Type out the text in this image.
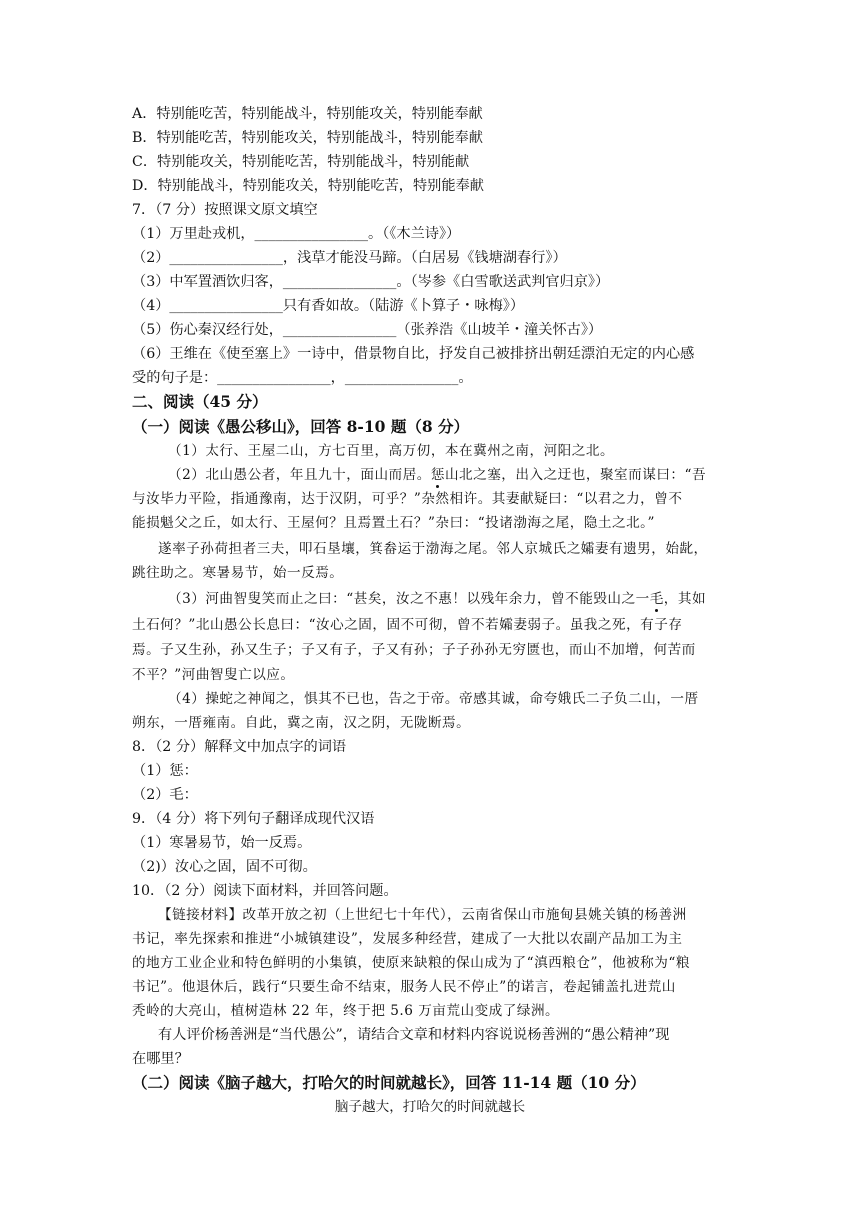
A．特别能吃苦，特别能战斗，特别能攻关，特别能奉献
B．特别能吃苦，特别能攻关，特别能战斗，特别能奉献
C．特别能攻关，特别能吃苦，特别能战斗，特别能献
D．特别能战斗，特别能攻关，特别能吃苦，特别能奉献
7．（7 分）按照课文原文填空
（1）万里赴戎机，________________。（《木兰诗》）
（2）________________，浅草才能没马蹄。（白居易《钱塘湖春行》）
（3）中军置酒饮归客，________________。（岑参《白雪歌送武判官归京》）
（4）________________只有香如故。（陆游《卜算子・咏梅》）
（5）伤心秦汉经行处，________________（张养浩《山坡羊・潼关怀古》）
（6）王维在《使至塞上》一诗中，借景物自比，抒发自己被排挤出朝廷漂泊无定的内心感
受的句子是：________________，________________。
二、阅读（45 分）
（一）阅读《愚公移山》，回答 8-10 题（8 分）
（1）太行、王屋二山，方七百里，高万仞，本在冀州之南，河阳之北。
（2）北山愚公者，年且九十，面山而居。惩山北之塞，出入之迂也，聚室而谋曰：“吾
与汝毕力平险，指通豫南，达于汉阴，可乎？”杂然相许。其妻献疑曰：“以君之力，曾不
能损魁父之丘，如太行、王屋何？且焉置土石？”杂曰：“投诸渤海之尾，隐土之北。”
遂率子孙荷担者三夫，叩石垦壤，箕畚运于渤海之尾。邻人京城氏之孀妻有遗男，始龀，
跳往助之。寒暑易节，始一反焉。
（3）河曲智叟笑而止之曰：“甚矣，汝之不惠！以残年余力，曾不能毁山之一毛，其如
土石何？”北山愚公长息曰：“汝心之固，固不可彻，曾不若孀妻弱子。虽我之死，有子存
焉。子又生孙，孙又生子；子又有子，子又有孙；子子孙孙无穷匮也，而山不加增，何苦而
不平？”河曲智叟亡以应。
（4）操蛇之神闻之，惧其不已也，告之于帝。帝感其诚，命夸娥氏二子负二山，一厝
朔东，一厝雍南。自此，冀之南，汉之阴，无陇断焉。
8．（2 分）解释文中加点字的词语
（1）惩：
（2）毛：
9．（4 分）将下列句子翻译成现代汉语
（1）寒暑易节，始一反焉。
（2)）汝心之固，固不可彻。
10．（2 分）阅读下面材料，并回答问题。
【链接材料】改革开放之初（上世纪七十年代），云南省保山市施甸县姚关镇的杨善洲
书记，率先探索和推进“小城镇建设”，发展多种经营，建成了一大批以农副产品加工为主
的地方工业企业和特色鲜明的小集镇，使原来缺粮的保山成为了“滇西粮仓”，他被称为“粮
书记”。他退休后，践行“只要生命不结束，服务人民不停止”的诺言，卷起铺盖扎进荒山
秃岭的大亮山，植树造林 22 年，终于把 5.6 万亩荒山变成了绿洲。
有人评价杨善洲是“当代愚公”，请结合文章和材料内容说说杨善洲的“愚公精神”现
在哪里？
（二）阅读《脑子越大，打哈欠的时间就越长》，回答 11-14 题（10 分）
脑子越大，打哈欠的时间就越长
